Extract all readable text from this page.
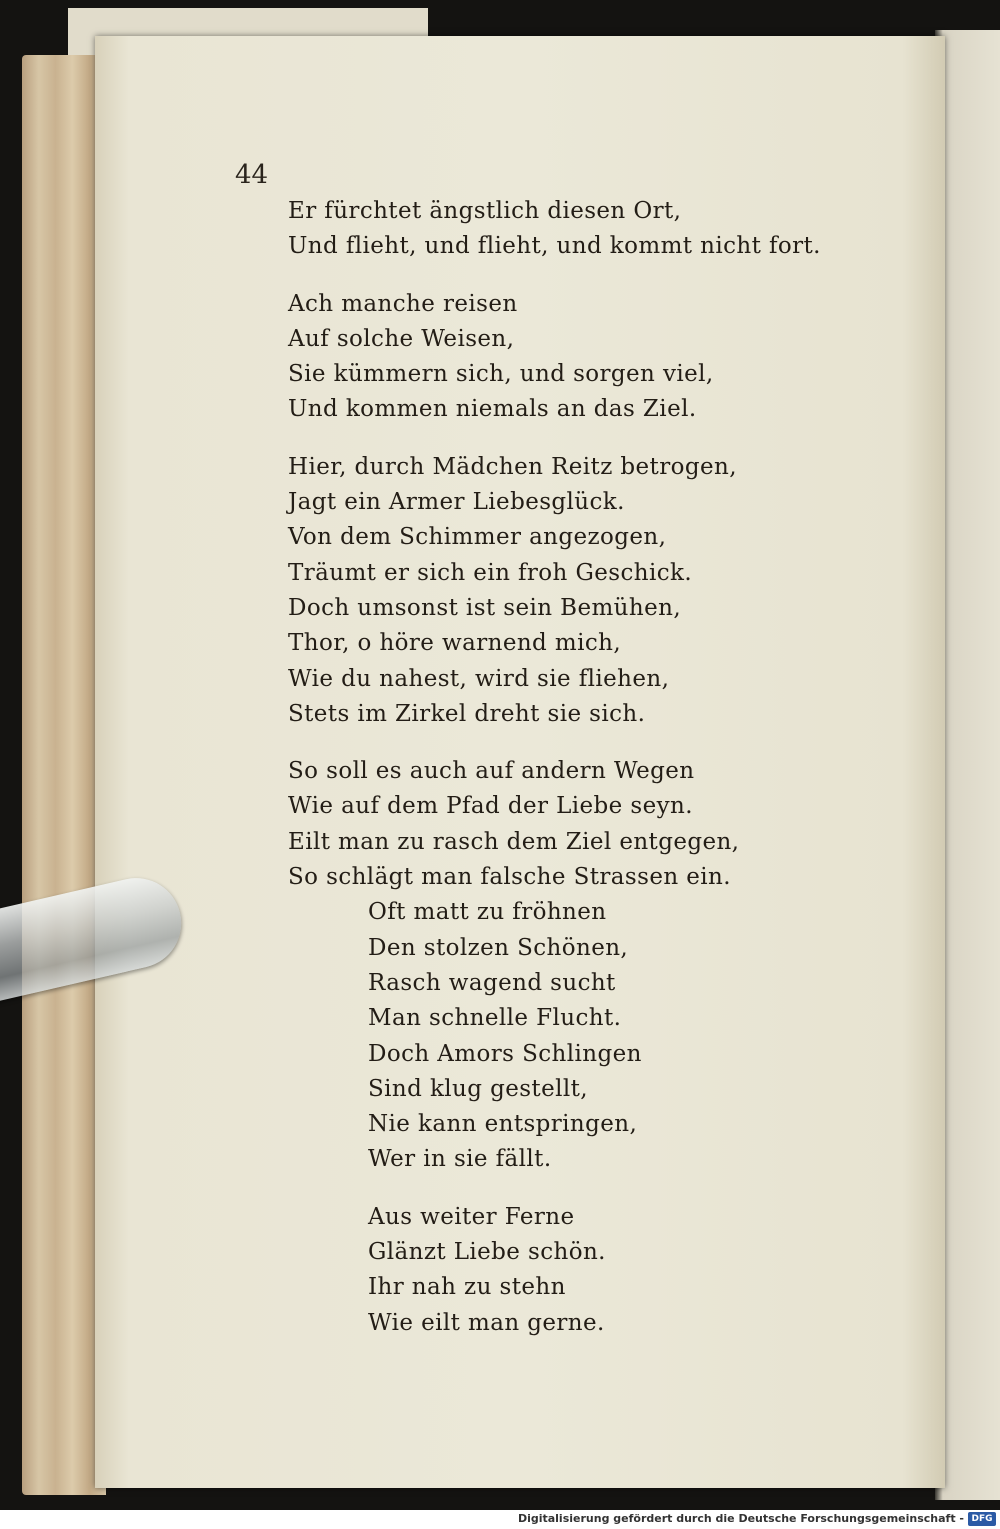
44
Er fürchtet ängstlich diesen Ort,
Und flieht, und flieht, und kommt nicht fort.
Ach manche reisen
Auf solche Weisen,
Sie kümmern sich, und sorgen viel,
Und kommen niemals an das Ziel.
Hier, durch Mädchen Reitz betrogen,
Jagt ein Armer Liebesglück.
Von dem Schimmer angezogen,
Träumt er sich ein froh Geschick.
Doch umsonst ist sein Bemühen,
Thor, o höre warnend mich,
Wie du nahest, wird sie fliehen,
Stets im Zirkel dreht sie sich.
So soll es auch auf andern Wegen
Wie auf dem Pfad der Liebe seyn.
Eilt man zu rasch dem Ziel entgegen,
So schlägt man falsche Strassen ein.
Oft matt zu fröhnen
Den stolzen Schönen,
Rasch wagend sucht
Man schnelle Flucht.
Doch Amors Schlingen
Sind klug gestellt,
Nie kann entspringen,
Wer in sie fällt.
Aus weiter Ferne
Glänzt Liebe schön.
Ihr nah zu stehn
Wie eilt man gerne.
Digitalisierung gefördert durch die Deutsche Forschungsgemeinschaft - DFG
